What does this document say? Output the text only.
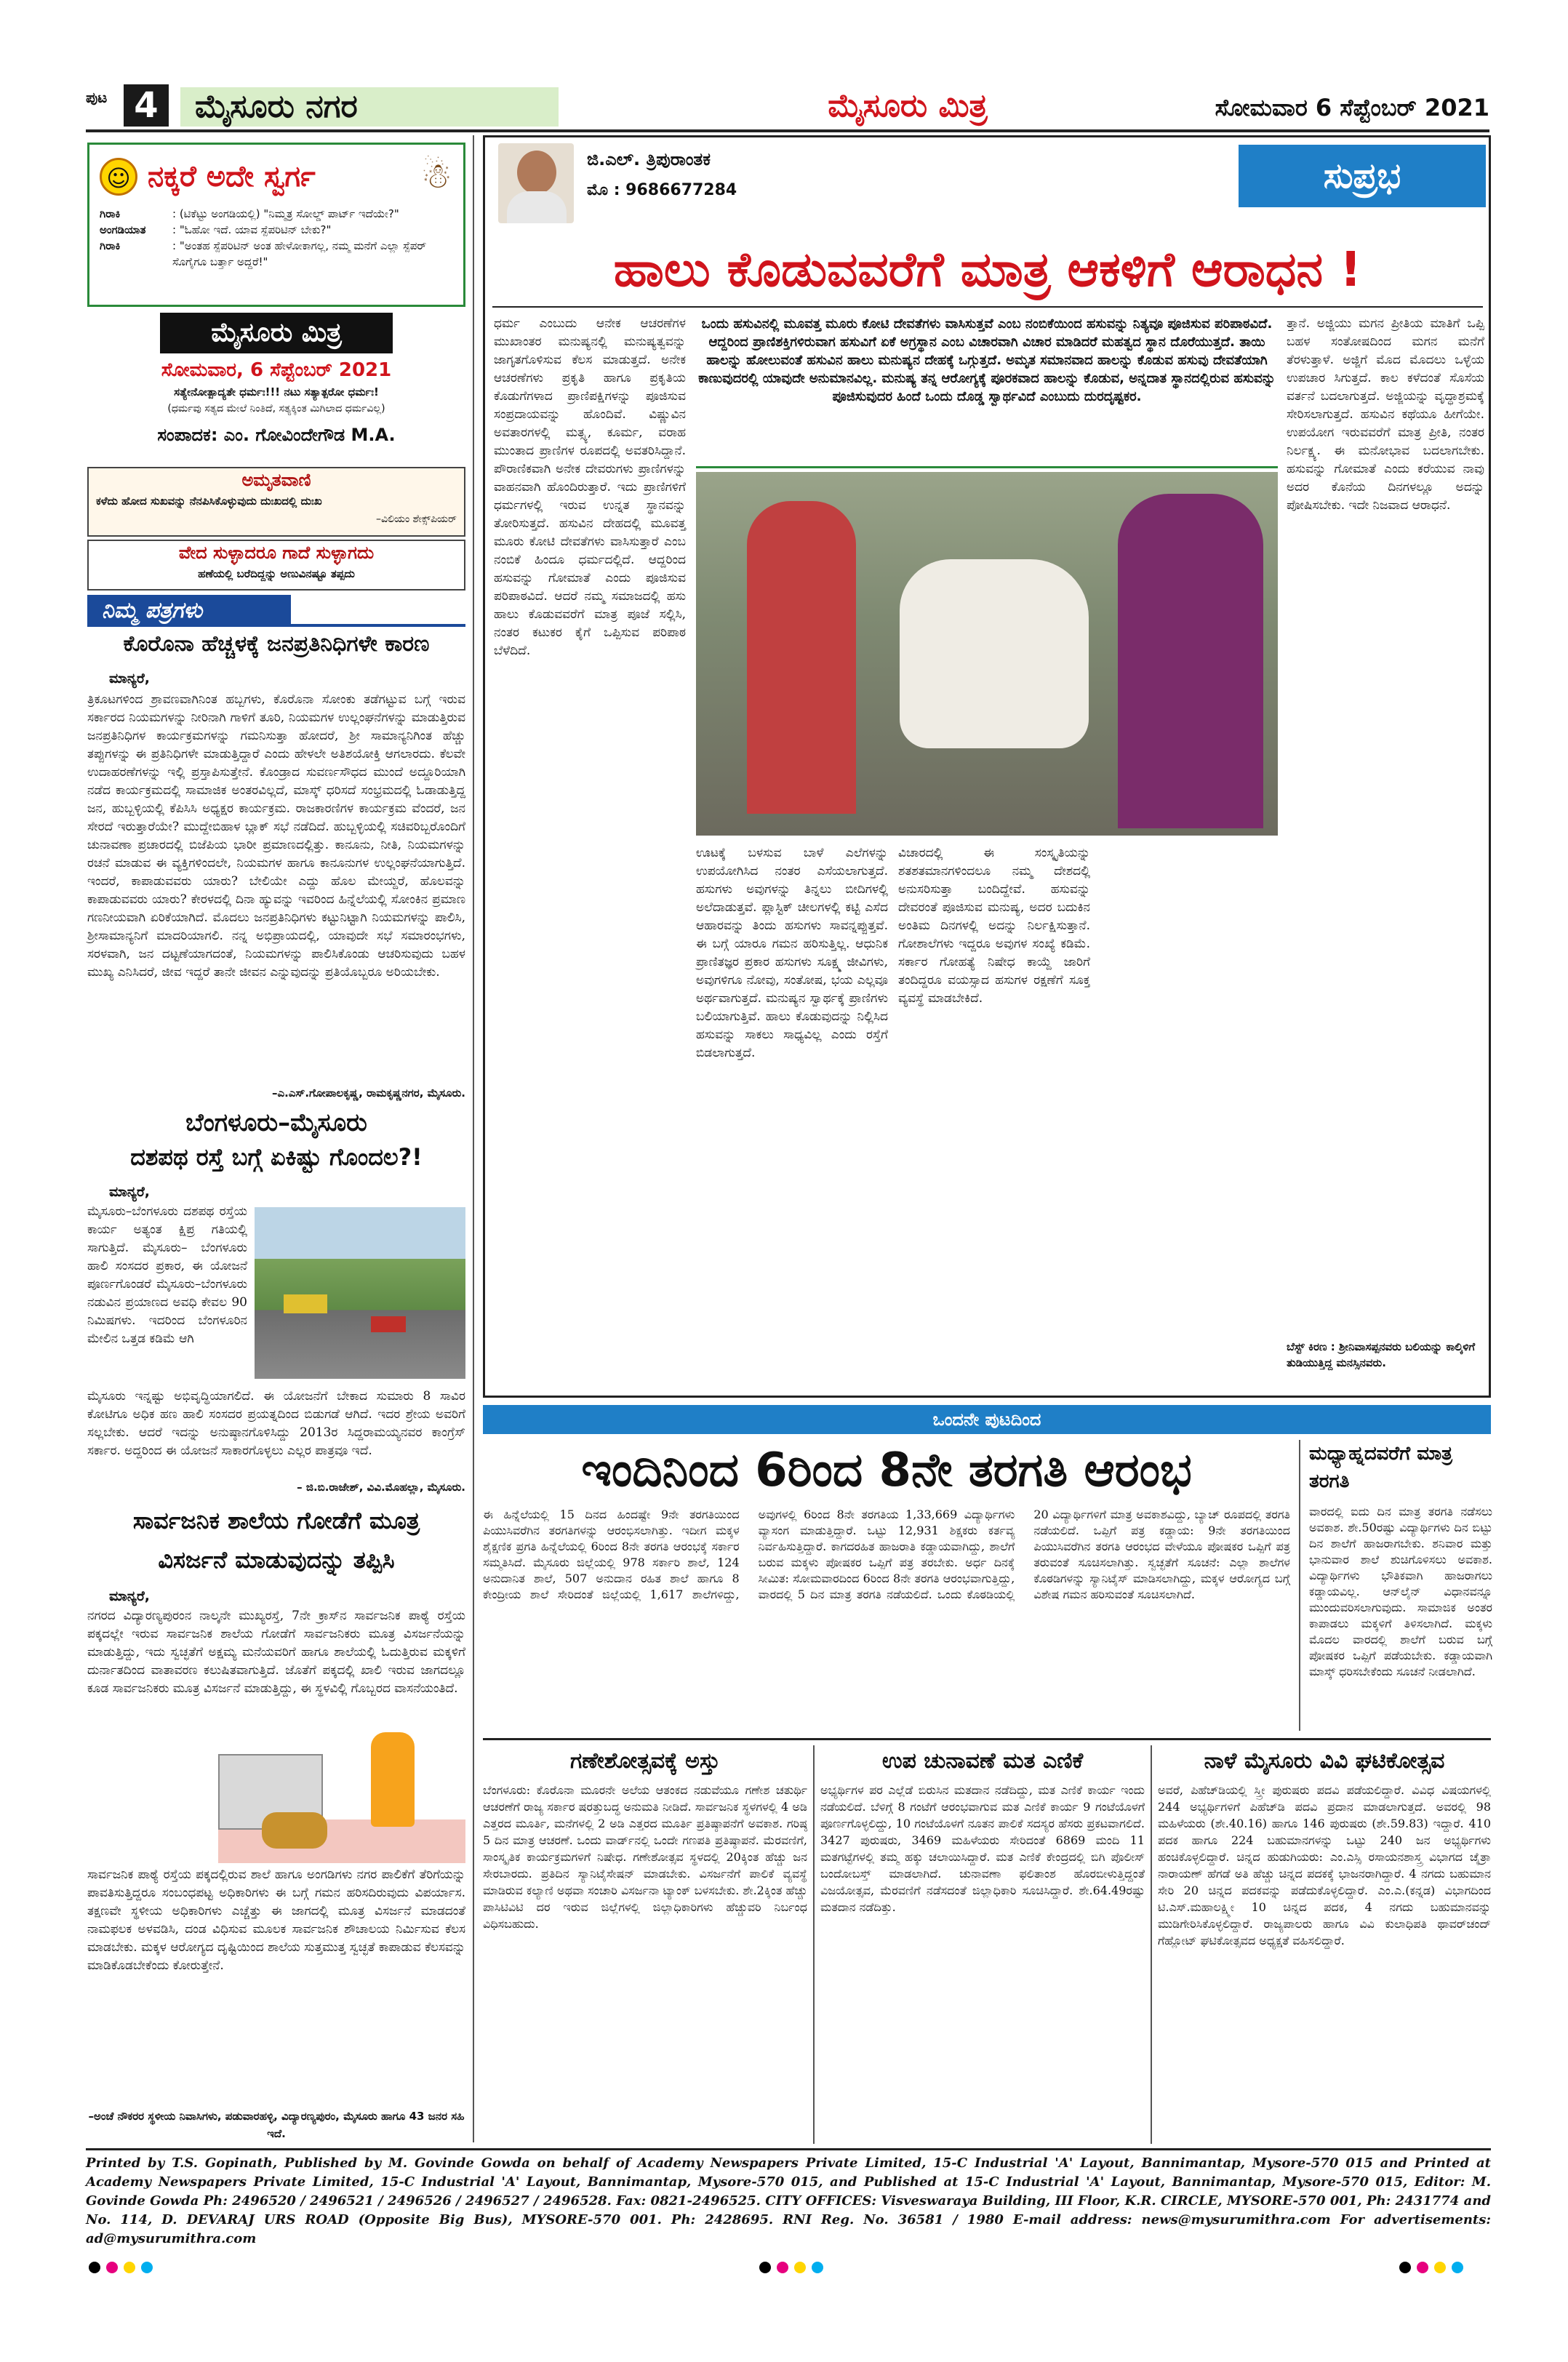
ಪುಟ 4	ಮೈಸೂರು ನಗರ	ಮೈಸೂರು ಮಿತ್ರ	ಸೋಮವಾರ 6 ಸೆಪ್ಟೆಂಬರ್ 2021
☺ ನಕ್ಕರೆ ಅದೇ ಸ್ವರ್ಗ	☃
ಗಿರಾಕಿ	: (ಟಿಕೆಟ್ಟು ಅಂಗಡಿಯಲ್ಲಿ) "ನಿಮ್ಮತ್ರ ಸೋಲ್ಡ್ ಪಾರ್ಟ್ ಇದೆಯೇ?"
ಅಂಗಡಿಯಾತ	: "ಓಹೋ ಇದೆ. ಯಾವ ಸ್ಪೆಪರಿಟಿನ್ ಬೇಕು?"
ಗಿರಾಕಿ	: "ಅಂತಹ ಸ್ಪೆಪರಿಟಿನ್ ಅಂತ ಹೇಳೋಕಾಗಲ್ಲ, ನಮ್ಮ ಮನೆಗೆ ಎಲ್ಲಾ ಸ್ಪೆಪರ್ ಸೊಗೈಗೂ ಬರ್ತ್ತಾ ಅದ್ದರೆ!"
ಮೈಸೂರು ಮಿತ್ರ
ಸೋಮವಾರ, 6 ಸೆಪ್ಟೆಂಬರ್ 2021
ಸತ್ಯೇನೋತ್ಪಾದ್ಯತೇ ಧರ್ಮಃ!!! ನಟು ಸತ್ಯಾತ್ಪರೋ ಧರ್ಮಃ!
(ಧರ್ಮವು ಸತ್ಯದ ಮೇಲೆ ನಿಂತಿದೆ, ಸತ್ಯಕ್ಕಿಂತ ಮಿಗಿಲಾದ ಧರ್ಮವಿಲ್ಲ)
ಸಂಪಾದಕ: ಎಂ. ಗೋವಿಂದೇಗೌಡ M.A.
ಅಮೃತವಾಣಿ
ಕಳೆದು ಹೋದ ಸುಖವನ್ನು ನೆನಪಿಸಿಕೊಳ್ಳುವುದು ದುಃಖದಲ್ಲಿ ದುಃಖ
–ವಿಲಿಯಂ ಶೇಕ್ಸ್‌ಪಿಯರ್
ವೇದ ಸುಳ್ಳಾದರೂ ಗಾದೆ ಸುಳ್ಳಾಗದು
ಹಣೆಯಲ್ಲಿ ಬರೆದಿದ್ದನ್ನು ಅಣುವಿನಷ್ಟೂ ತಪ್ಪದು
ನಿಮ್ಮ ಪತ್ರಗಳು
ಕೊರೊನಾ ಹೆಚ್ಚಳಕ್ಕೆ ಜನಪ್ರತಿನಿಧಿಗಳೇ ಕಾರಣ
ಮಾನ್ಯರೆ,
ತ್ರಿಕೂಟಗಳಿಂದ ಶ್ರಾವಣವಾಗಿನಿಂತ ಹಬ್ಬಗಳು, ಕೊರೊನಾ ಸೋಂಕು ತಡೆಗಟ್ಟುವ ಬಗ್ಗೆ ಇರುವ ಸರ್ಕಾರದ ನಿಯಮಗಳನ್ನು ನೀರಿನಾಗಿ ಗಾಳಿಗೆ ತೂರಿ, ನಿಯಮಗಳ ಉಲ್ಲಂಘನೆಗಳನ್ನು ಮಾಡುತ್ತಿರುವ ಜನಪ್ರತಿನಿಧಿಗಳ ಕಾರ್ಯಕ್ರಮಗಳನ್ನು ಗಮನಿಸುತ್ತಾ ಹೋದರೆ, ಶ್ರೀ ಸಾಮಾನ್ಯನಿಗಿಂತ ಹೆಚ್ಚು ತಪ್ಪುಗಳನ್ನು ಈ ಪ್ರತಿನಿಧಿಗಳೇ ಮಾಡುತ್ತಿದ್ದಾರೆ ಎಂದು ಹೇಳಲೇ ಅತಿಶಯೋಕ್ತಿ ಆಗಲಾರದು. ಕೆಲವೇ ಉದಾಹರಣೆಗಳನ್ನು ಇಲ್ಲಿ ಪ್ರಸ್ತಾಪಿಸುತ್ತೇನೆ. ಕೊಂಡ್ರಾದ ಸುವರ್ಣಸೌಧದ ಮುಂದೆ ಅದ್ದೂರಿಯಾಗಿ ನಡೆದ ಕಾರ್ಯಕ್ರಮದಲ್ಲಿ ಸಾಮಾಜಿಕ ಅಂತರವಿಲ್ಲದೆ, ಮಾಸ್ಕ್ ಧರಿಸದೆ ಸಂಭ್ರಮದಲ್ಲಿ ಓಡಾಡುತ್ತಿದ್ದ ಜನ, ಹುಬ್ಬಳ್ಳಿಯಲ್ಲಿ ಕೆಪಿಸಿಸಿ ಅಧ್ಯಕ್ಷರ ಕಾರ್ಯಕ್ರಮ. ರಾಜಕಾರಣಿಗಳ ಕಾರ್ಯಕ್ರಮ ವೆಂದರೆ, ಜನ ಸೇರದೆ ಇರುತ್ತಾರೆಯೇ? ಮುದ್ದೇಬಿಹಾಳ ಬ್ಲಾಕ್‌ ಸಭೆ ನಡೆದಿದೆ. ಹುಬ್ಬಳ್ಳಿಯಲ್ಲಿ ಸಚಿವರಿಬ್ಬರೊಂದಿಗೆ ಚುನಾವಣಾ ಪ್ರಚಾರದಲ್ಲಿ ಬಿಜೆಪಿಯ ಭಾರೀ ಪ್ರಮಾಣದಲ್ಲಿತ್ತು. ಕಾನೂನು, ನೀತಿ, ನಿಯಮಗಳನ್ನು ರಚನೆ ಮಾಡುವ ಈ ವ್ಯಕ್ತಿಗಳಿಂದಲೇ, ನಿಯಮಗಳ ಹಾಗೂ ಕಾನೂನುಗಳ ಉಲ್ಲಂಘನೆಯಾಗುತ್ತಿದೆ. ಇಂದರೆ, ಕಾಪಾಡುವವರು ಯಾರು? ಬೇಲಿಯೇ ಎದ್ದು ಹೊಲ ಮೇಯ್ದರೆ, ಹೊಲವನ್ನು ಕಾಪಾಡುವವರು ಯಾರು? ಕೇರಳದಲ್ಲಿ ದಿನಾ ಹ್ಯುವನ್ನು ಇವರಿಂದ ಹಿನ್ನೆಲೆಯಲ್ಲಿ ಸೋಂಕಿನ ಪ್ರಮಾಣ ಗಣನೀಯವಾಗಿ ಏರಿಕೆಯಾಗಿದೆ. ಮೊದಲು ಜನಪ್ರತಿನಿಧಿಗಳು ಕಟ್ಟುನಿಟ್ಟಾಗಿ ನಿಯಮಗಳನ್ನು ಪಾಲಿಸಿ, ಶ್ರೀಸಾಮಾನ್ಯನಿಗೆ ಮಾದರಿಯಾಗಲಿ. ನನ್ನ ಅಭಿಪ್ರಾಯದಲ್ಲಿ, ಯಾವುದೇ ಸಭೆ ಸಮಾರಂಭಗಳು, ಸರಳವಾಗಿ, ಜನ ದಟ್ಟಣೆಯಾಗದಂತೆ, ನಿಯಮಗಳನ್ನು ಪಾಲಿಸಿಕೊಂಡು ಆಚರಿಸುವುದು ಬಹಳ ಮುಖ್ಯ ಎನಿಸಿದರೆ, ಜೀವ ಇದ್ದರೆ ತಾನೇ ಜೀವನ ಎನ್ನುವುದನ್ನು ಪ್ರತಿಯೊಬ್ಬರೂ ಅರಿಯಬೇಕು.
–ಎ.ಎಸ್.ಗೋಪಾಲಕೃಷ್ಣ, ರಾಮಕೃಷ್ಣನಗರ, ಮೈಸೂರು.
ಬೆಂಗಳೂರು–ಮೈಸೂರು
ದಶಪಥ ರಸ್ತೆ ಬಗ್ಗೆ ಏಕಿಷ್ಟು ಗೊಂದಲ?!
ಮಾನ್ಯರೆ,
ಮೈಸೂರು–ಬೆಂಗಳೂರು ದಶಪಥ ರಸ್ತೆಯ ಕಾರ್ಯ ಅತ್ಯಂತ ಕ್ಷಿಪ್ರ ಗತಿಯಲ್ಲಿ ಸಾಗುತ್ತಿದೆ. ಮೈಸೂರು– ಬೆಂಗಳೂರು ಹಾಲಿ ಸಂಸದರ ಪ್ರಕಾರ, ಈ ಯೋಜನೆ ಪೂರ್ಣಗೊಂಡರೆ ಮೈಸೂರು–ಬೆಂಗಳೂರು ನಡುವಿನ ಪ್ರಯಾಣದ ಅವಧಿ ಕೇವಲ 90 ನಿಮಿಷಗಳು. ಇದರಿಂದ ಬೆಂಗಳೂರಿನ ಮೇಲಿನ ಒತ್ತಡ ಕಡಿಮೆ ಆಗಿ
ಮೈಸೂರು ಇನ್ನಷ್ಟು ಅಭಿವೃದ್ಧಿಯಾಗಲಿದೆ. ಈ ಯೋಜನೆಗೆ ಬೇಕಾದ ಸುಮಾರು 8 ಸಾವಿರ ಕೋಟಿಗೂ ಅಧಿಕ ಹಣ ಹಾಲಿ ಸಂಸದರ ಪ್ರಯತ್ನದಿಂದ ಬಿಡುಗಡೆ ಆಗಿದೆ. ಇದರ ಶ್ರೇಯ ಅವರಿಗೆ ಸಲ್ಲಬೇಕು. ಆದರೆ ಇದನ್ನು ಅನುಷ್ಠಾನಗೊಳಿಸಿದ್ದು 2013ರ ಸಿದ್ದರಾಮಯ್ಯನವರ ಕಾಂಗ್ರೆಸ್ ಸರ್ಕಾರ. ಅದ್ದರಿಂದ ಈ ಯೋಜನೆ ಸಾಕಾರಗೊಳ್ಳಲು ಎಲ್ಲರ ಪಾತ್ರವೂ ಇದೆ.
– ಜಿ.ಬಿ.ರಾಜೇಶ್, ವಿವಿ.ಮೊಹಲ್ಲಾ, ಮೈಸೂರು.
ಸಾರ್ವಜನಿಕ ಶಾಲೆಯ ಗೋಡೆಗೆ ಮೂತ್ರ
ವಿಸರ್ಜನೆ ಮಾಡುವುದನ್ನು ತಪ್ಪಿಸಿ
ಮಾನ್ಯರೆ,
ನಗರದ ವಿದ್ಯಾರಣ್ಯಪುರಂನ ನಾಲ್ಕನೇ ಮುಖ್ಯರಸ್ತೆ, 7ನೇ ಕ್ರಾಸ್‌ನ ಸಾರ್ವಜನಿಕ ಪಾಠ್ಯೆ ರಸ್ತೆಯ ಪಕ್ಕದಲ್ಲೇ ಇರುವ ಸಾರ್ವಜನಿಕ ಶಾಲೆಯ ಗೋಡೆಗೆ ಸಾರ್ವಜನಿಕರು ಮೂತ್ರ ವಿಸರ್ಜನೆಯನ್ನು ಮಾಡುತ್ತಿದ್ದು, ಇದು ಸ್ವಚ್ಛತೆಗೆ ಅಕ್ಷಮ್ಯ ಮನೆಯವರಿಗೆ ಹಾಗೂ ಶಾಲೆಯಲ್ಲಿ ಓದುತ್ತಿರುವ ಮಕ್ಕಳಿಗೆ ದುರ್ನಾತದಿಂದ ವಾತಾವರಣ ಕಲುಷಿತವಾಗುತ್ತಿದೆ. ಜೊತೆಗೆ ಪಕ್ಕದಲ್ಲಿ ಖಾಲಿ ಇರುವ ಜಾಗದಲ್ಲೂ ಕೂಡ ಸಾರ್ವಜನಿಕರು ಮೂತ್ರ ವಿಸರ್ಜನೆ ಮಾಡುತ್ತಿದ್ದು, ಈ ಸ್ಥಳವಿಲ್ಲಿ ಗೊಬ್ಬರದ ವಾಸನೆಯಂತಿದೆ.
ಸಾರ್ವಜನಿಕ ಪಾಠ್ಯೆ ರಸ್ತೆಯ ಪಕ್ಕದಲ್ಲಿರುವ ಶಾಲೆ ಹಾಗೂ ಅಂಗಡಿಗಳು ನಗರ ಪಾಲಿಕೆಗೆ ತೆರಿಗೆಯನ್ನು ಪಾವತಿಸುತ್ತಿದ್ದರೂ ಸಂಬಂಧಪಟ್ಟ ಅಧಿಕಾರಿಗಳು ಈ ಬಗ್ಗೆ ಗಮನ ಹರಿಸದಿರುವುದು ವಿಪರ್ಯಾಸ. ತಕ್ಷಣವೇ ಸ್ಥಳೀಯ ಅಧಿಕಾರಿಗಳು ಎಚ್ಚೆತ್ತು ಈ ಜಾಗದಲ್ಲಿ ಮೂತ್ರ ವಿಸರ್ಜನೆ ಮಾಡದಂತೆ ನಾಮಫಲಕ ಅಳವಡಿಸಿ, ದಂಡ ವಿಧಿಸುವ ಮೂಲಕ ಸಾರ್ವಜನಿಕ ಶೌಚಾಲಯ ನಿರ್ಮಿಸುವ ಕೆಲಸ ಮಾಡಬೇಕು. ಮಕ್ಕಳ ಆರೋಗ್ಯದ ದೃಷ್ಟಿಯಿಂದ ಶಾಲೆಯ ಸುತ್ತಮುತ್ತ ಸ್ವಚ್ಛತೆ ಕಾಪಾಡುವ ಕೆಲಸವನ್ನು ಮಾಡಿಕೊಡಬೇಕೆಂದು ಕೋರುತ್ತೇನೆ.
–ಅಂಚೆ ನೌಕರರ ಸ್ಥಳೀಯ ನಿವಾಸಿಗಳು, ಪಡುವಾರಹಳ್ಳಿ, ವಿದ್ಯಾರಣ್ಯಪುರಂ, ಮೈಸೂರು ಹಾಗೂ 43 ಜನರ ಸಹಿ ಇದೆ.
ಜಿ.ಎಲ್. ತ್ರಿಪುರಾಂತಕ
ಮೊ : 9686677284	ಸುಪ್ರಭ
ಹಾಲು ಕೊಡುವವರೆಗೆ ಮಾತ್ರ ಆಕಳಿಗೆ ಆರಾಧನ !
ಧರ್ಮ ಎಂಬುದು ಆನೇಕ ಆಚರಣೆಗಳ ಮುಖಾಂತರ ಮನುಷ್ಯನಲ್ಲಿ ಮನುಷ್ಯತ್ವವನ್ನು ಜಾಗೃತಗೊಳಿಸುವ ಕೆಲಸ ಮಾಡುತ್ತದೆ. ಅನೇಕ ಆಚರಣೆಗಳು ಪ್ರಕೃತಿ ಹಾಗೂ ಪ್ರಕೃತಿಯ ಕೊಡುಗೆಗಳಾದ ಪ್ರಾಣಿಪಕ್ಷಿಗಳನ್ನು ಪೂಜಿಸುವ ಸಂಪ್ರದಾಯವನ್ನು ಹೊಂದಿವೆ. ವಿಷ್ಣುವಿನ ಅವತಾರಗಳಲ್ಲಿ ಮತ್ಸ್ಯ, ಕೂರ್ಮ, ವರಾಹ ಮುಂತಾದ ಪ್ರಾಣಿಗಳ ರೂಪದಲ್ಲಿ ಅವತರಿಸಿದ್ದಾನೆ. ಪೌರಾಣಿಕವಾಗಿ ಅನೇಕ ದೇವರುಗಳು ಪ್ರಾಣಿಗಳನ್ನು ವಾಹನವಾಗಿ ಹೊಂದಿರುತ್ತಾರೆ. ಇದು ಪ್ರಾಣಿಗಳಿಗೆ ಧರ್ಮಗಳಲ್ಲಿ ಇರುವ ಉನ್ನತ ಸ್ಥಾನವನ್ನು ತೋರಿಸುತ್ತದೆ. ಹಸುವಿನ ದೇಹದಲ್ಲಿ ಮೂವತ್ತ ಮೂರು ಕೋಟಿ ದೇವತೆಗಳು ವಾಸಿಸುತ್ತಾರೆ ಎಂಬ ನಂಬಿಕೆ ಹಿಂದೂ ಧರ್ಮದಲ್ಲಿದೆ. ಆದ್ದರಿಂದ ಹಸುವನ್ನು ಗೋಮಾತೆ ಎಂದು ಪೂಜಿಸುವ ಪರಿಪಾಠವಿದೆ. ಆದರೆ ನಮ್ಮ ಸಮಾಜದಲ್ಲಿ ಹಸು ಹಾಲು ಕೊಡುವವರೆಗೆ ಮಾತ್ರ ಪೂಜೆ ಸಲ್ಲಿಸಿ, ನಂತರ ಕಟುಕರ ಕೈಗೆ ಒಪ್ಪಿಸುವ ಪರಿಪಾಠ ಬೆಳೆದಿದೆ.
ಒಂದು ಹಸುವಿನಲ್ಲಿ ಮೂವತ್ತ ಮೂರು ಕೋಟಿ ದೇವತೆಗಳು ವಾಸಿಸುತ್ತವೆ ಎಂಬ ನಂಬಿಕೆಯಿಂದ ಹಸುವನ್ನು ನಿತ್ಯವೂ ಪೂಜಿಸುವ ಪರಿಪಾಠವಿದೆ. ಆದ್ದರಿಂದ ಪ್ರಾಣಿಶಕ್ತಿಗಳಿರುವಾಗ ಹಸುವಿಗೆ ಏಕೆ ಅಗ್ರಸ್ಥಾನ ಎಂಬ ವಿಚಾರವಾಗಿ ವಿಚಾರ ಮಾಡಿದರೆ ಮಹತ್ವದ ಸ್ಥಾನ ದೊರೆಯುತ್ತದೆ. ತಾಯಿ ಹಾಲನ್ನು ಹೋಲುವಂತೆ ಹಸುವಿನ ಹಾಲು ಮನುಷ್ಯನ ದೇಹಕ್ಕೆ ಒಗ್ಗುತ್ತದೆ. ಅಮೃತ ಸಮಾನವಾದ ಹಾಲನ್ನು ಕೊಡುವ ಹಸುವು ದೇವತೆಯಾಗಿ ಕಾಣುವುದರಲ್ಲಿ ಯಾವುದೇ ಅನುಮಾನವಿಲ್ಲ. ಮನುಷ್ಯ ತನ್ನ ಆರೋಗ್ಯಕ್ಕೆ ಪೂರಕವಾದ ಹಾಲನ್ನು ಕೊಡುವ, ಅನ್ನದಾತ ಸ್ಥಾನದಲ್ಲಿರುವ ಹಸುವನ್ನು ಪೂಜಿಸುವುದರ ಹಿಂದೆ ಒಂದು ದೊಡ್ಡ ಸ್ವಾರ್ಥವಿದೆ ಎಂಬುದು ದುರದೃಷ್ಟಕರ.
ಊಟಕ್ಕೆ ಬಳಸುವ ಬಾಳೆ ಎಲೆಗಳನ್ನು ಉಪಯೋಗಿಸಿದ ನಂತರ ಎಸೆಯಲಾಗುತ್ತದೆ. ಹಸುಗಳು ಅವುಗಳನ್ನು ತಿನ್ನಲು ಬೀದಿಗಳಲ್ಲಿ ಅಲೆದಾಡುತ್ತವೆ. ಪ್ಲಾಸ್ಟಿಕ್ ಚೀಲಗಳಲ್ಲಿ ಕಟ್ಟಿ ಎಸೆದ ಆಹಾರವನ್ನು ತಿಂದು ಹಸುಗಳು ಸಾವನ್ನಪ್ಪುತ್ತವೆ. ಈ ಬಗ್ಗೆ ಯಾರೂ ಗಮನ ಹರಿಸುತ್ತಿಲ್ಲ. ಆಧುನಿಕ ಪ್ರಾಣಿತಜ್ಞರ ಪ್ರಕಾರ ಹಸುಗಳು ಸೂಕ್ಷ್ಮ ಜೀವಿಗಳು, ಅವುಗಳಿಗೂ ನೋವು, ಸಂತೋಷ, ಭಯ ಎಲ್ಲವೂ ಅರ್ಥವಾಗುತ್ತದೆ. ಮನುಷ್ಯನ ಸ್ವಾರ್ಥಕ್ಕೆ ಪ್ರಾಣಿಗಳು ಬಲಿಯಾಗುತ್ತಿವೆ. ಹಾಲು ಕೊಡುವುದನ್ನು ನಿಲ್ಲಿಸಿದ ಹಸುವನ್ನು ಸಾಕಲು ಸಾಧ್ಯವಿಲ್ಲ ಎಂದು ರಸ್ತೆಗೆ ಬಿಡಲಾಗುತ್ತದೆ.
ವಿಚಾರದಲ್ಲಿ ಈ ಸಂಸ್ಕೃತಿಯನ್ನು ಶತಶತಮಾನಗಳಿಂದಲೂ ನಮ್ಮ ದೇಶದಲ್ಲಿ ಅನುಸರಿಸುತ್ತಾ ಬಂದಿದ್ದೇವೆ. ಹಸುವನ್ನು ದೇವರಂತೆ ಪೂಜಿಸುವ ಮನುಷ್ಯ, ಅದರ ಬದುಕಿನ ಅಂತಿಮ ದಿನಗಳಲ್ಲಿ ಅದನ್ನು ನಿರ್ಲಕ್ಷಿಸುತ್ತಾನೆ. ಗೋಶಾಲೆಗಳು ಇದ್ದರೂ ಅವುಗಳ ಸಂಖ್ಯೆ ಕಡಿಮೆ. ಸರ್ಕಾರ ಗೋಹತ್ಯೆ ನಿಷೇಧ ಕಾಯ್ದೆ ಜಾರಿಗೆ ತಂದಿದ್ದರೂ ವಯಸ್ಸಾದ ಹಸುಗಳ ರಕ್ಷಣೆಗೆ ಸೂಕ್ತ ವ್ಯವಸ್ಥೆ ಮಾಡಬೇಕಿದೆ.
ತ್ತಾನೆ. ಅಜ್ಜಿಯು ಮಗನ ಪ್ರೀತಿಯ ಮಾತಿಗೆ ಒಪ್ಪಿ ಬಹಳ ಸಂತೋಷದಿಂದ ಮಗನ ಮನೆಗೆ ತೆರಳುತ್ತಾಳೆ. ಅಜ್ಜಿಗೆ ಮೊದ ಮೊದಲು ಒಳ್ಳೆಯ ಉಪಚಾರ ಸಿಗುತ್ತದೆ. ಕಾಲ ಕಳೆದಂತೆ ಸೊಸೆಯ ವರ್ತನೆ ಬದಲಾಗುತ್ತದೆ. ಅಜ್ಜಿಯನ್ನು ವೃದ್ಧಾಶ್ರಮಕ್ಕೆ ಸೇರಿಸಲಾಗುತ್ತದೆ. ಹಸುವಿನ ಕಥೆಯೂ ಹೀಗೆಯೇ. ಉಪಯೋಗ ಇರುವವರೆಗೆ ಮಾತ್ರ ಪ್ರೀತಿ, ನಂತರ ನಿರ್ಲಕ್ಷ್ಯ. ಈ ಮನೋಭಾವ ಬದಲಾಗಬೇಕು. ಹಸುವನ್ನು ಗೋಮಾತೆ ಎಂದು ಕರೆಯುವ ನಾವು ಅದರ ಕೊನೆಯ ದಿನಗಳಲ್ಲೂ ಅದನ್ನು ಪೋಷಿಸಬೇಕು. ಇದೇ ನಿಜವಾದ ಆರಾಧನೆ.
ಬೆಸ್ಟ್ ಕಿರಣ : ಶ್ರೀನಿವಾಸಪ್ಪನವರು ಬಲಿಯನ್ನು ಕಾಲ್ಕಿಳಿಗೆ ತುಡಿಯುತ್ತಿದ್ದ ಮನಸ್ಸಿನವರು.
ಒಂದನೇ ಪುಟದಿಂದ
ಇಂದಿನಿಂದ 6ರಿಂದ 8ನೇ ತರಗತಿ ಆರಂಭ
ಈ ಹಿನ್ನೆಲೆಯಲ್ಲಿ 15 ದಿನದ ಹಿಂದಷ್ಟೇ 9ನೇ ತರಗತಿಯಿಂದ ಪಿಯುಸಿವರೆಗಿನ ತರಗತಿಗಳನ್ನು ಆರಂಭಿಸಲಾಗಿತ್ತು. ಇದೀಗ ಮಕ್ಕಳ ಶೈಕ್ಷಣಿಕ ಪ್ರಗತಿ ಹಿನ್ನೆಲೆಯಲ್ಲಿ 6ರಿಂದ 8ನೇ ತರಗತಿ ಆರಂಭಕ್ಕೆ ಸರ್ಕಾರ ಸಮ್ಮತಿಸಿದೆ. ಮೈಸೂರು ಜಿಲ್ಲೆಯಲ್ಲಿ 978 ಸರ್ಕಾರಿ ಶಾಲೆ, 124 ಅನುದಾನಿತ ಶಾಲೆ, 507 ಅನುದಾನ ರಹಿತ ಶಾಲೆ ಹಾಗೂ 8 ಕೇಂದ್ರೀಯ ಶಾಲೆ ಸೇರಿದಂತೆ ಜಿಲ್ಲೆಯಲ್ಲಿ 1,617 ಶಾಲೆಗಳಿದ್ದು, ಅವುಗಳಲ್ಲಿ 6ರಿಂದ 8ನೇ ತರಗತಿಯ 1,33,669 ವಿದ್ಯಾರ್ಥಿಗಳು ವ್ಯಾಸಂಗ ಮಾಡುತ್ತಿದ್ದಾರೆ. ಒಟ್ಟು 12,931 ಶಿಕ್ಷಕರು ಕರ್ತವ್ಯ ನಿರ್ವಹಿಸುತ್ತಿದ್ದಾರೆ. ಕಾಗದರಹಿತ ಹಾಜರಾತಿ ಕಡ್ಡಾಯವಾಗಿದ್ದು, ಶಾಲೆಗೆ ಬರುವ ಮಕ್ಕಳು ಪೋಷಕರ ಒಪ್ಪಿಗೆ ಪತ್ರ ತರಬೇಕು. ಅರ್ಧ ದಿನಕ್ಕೆ ಸೀಮಿತ: ಸೋಮವಾರದಿಂದ 6ರಿಂದ 8ನೇ ತರಗತಿ ಆರಂಭವಾಗುತ್ತಿದ್ದು, ವಾರದಲ್ಲಿ 5 ದಿನ ಮಾತ್ರ ತರಗತಿ ನಡೆಯಲಿದೆ. ಒಂದು ಕೊಠಡಿಯಲ್ಲಿ 20 ವಿದ್ಯಾರ್ಥಿಗಳಿಗೆ ಮಾತ್ರ ಅವಕಾಶವಿದ್ದು, ಬ್ಯಾಚ್ ರೂಪದಲ್ಲಿ ತರಗತಿ ನಡೆಯಲಿದೆ. ಒಪ್ಪಿಗೆ ಪತ್ರ ಕಡ್ಡಾಯ: 9ನೇ ತರಗತಿಯಿಂದ ಪಿಯುಸಿವರೆಗಿನ ತರಗತಿ ಆರಂಭದ ವೇಳೆಯೂ ಪೋಷಕರ ಒಪ್ಪಿಗೆ ಪತ್ರ ತರುವಂತೆ ಸೂಚಿಸಲಾಗಿತ್ತು. ಸ್ವಚ್ಛತೆಗೆ ಸೂಚನೆ: ಎಲ್ಲಾ ಶಾಲೆಗಳ ಕೊಠಡಿಗಳನ್ನು ಸ್ಯಾನಿಟೈಸ್ ಮಾಡಿಸಲಾಗಿದ್ದು, ಮಕ್ಕಳ ಆರೋಗ್ಯದ ಬಗ್ಗೆ ವಿಶೇಷ ಗಮನ ಹರಿಸುವಂತೆ ಸೂಚಿಸಲಾಗಿದೆ.
ಮಧ್ಯಾಹ್ನದವರೆಗೆ ಮಾತ್ರ ತರಗತಿ
ವಾರದಲ್ಲಿ ಐದು ದಿನ ಮಾತ್ರ ತರಗತಿ ನಡೆಸಲು ಅವಕಾಶ. ಶೇ.50ರಷ್ಟು ವಿದ್ಯಾರ್ಥಿಗಳು ದಿನ ಬಿಟ್ಟು ದಿನ ಶಾಲೆಗೆ ಹಾಜರಾಗಬೇಕು. ಶನಿವಾರ ಮತ್ತು ಭಾನುವಾರ ಶಾಲೆ ಶುಚಿಗೊಳಿಸಲು ಅವಕಾಶ. ವಿದ್ಯಾರ್ಥಿಗಳು ಭೌತಿಕವಾಗಿ ಹಾಜರಾಗಲು ಕಡ್ಡಾಯವಿಲ್ಲ. ಆನ್‌ಲೈನ್ ವಿಧಾನವನ್ನೂ ಮುಂದುವರಿಸಲಾಗುವುದು. ಸಾಮಾಜಿಕ ಅಂತರ ಕಾಪಾಡಲು ಮಕ್ಕಳಿಗೆ ತಿಳಿಸಲಾಗಿದೆ. ಮಕ್ಕಳು ಮೊದಲ ವಾರದಲ್ಲಿ ಶಾಲೆಗೆ ಬರುವ ಬಗ್ಗೆ ಪೋಷಕರ ಒಪ್ಪಿಗೆ ಪಡೆಯಬೇಕು. ಕಡ್ಡಾಯವಾಗಿ ಮಾಸ್ಕ್ ಧರಿಸಬೇಕೆಂದು ಸೂಚನೆ ನೀಡಲಾಗಿದೆ.
ಗಣೇಶೋತ್ಸವಕ್ಕೆ ಅಸ್ತು
ಬೆಂಗಳೂರು: ಕೊರೊನಾ ಮೂರನೇ ಅಲೆಯ ಆತಂಕದ ನಡುವೆಯೂ ಗಣೇಶ ಚತುರ್ಥಿ ಆಚರಣೆಗೆ ರಾಜ್ಯ ಸರ್ಕಾರ ಷರತ್ತುಬದ್ಧ ಅನುಮತಿ ನೀಡಿದೆ. ಸಾರ್ವಜನಿಕ ಸ್ಥಳಗಳಲ್ಲಿ 4 ಅಡಿ ಎತ್ತರದ ಮೂರ್ತಿ, ಮನೆಗಳಲ್ಲಿ 2 ಅಡಿ ಎತ್ತರದ ಮೂರ್ತಿ ಪ್ರತಿಷ್ಠಾಪನೆಗೆ ಅವಕಾಶ. ಗರಿಷ್ಠ 5 ದಿನ ಮಾತ್ರ ಆಚರಣೆ. ಒಂದು ವಾರ್ಡ್‌ನಲ್ಲಿ ಒಂದೇ ಗಣಪತಿ ಪ್ರತಿಷ್ಠಾಪನೆ. ಮೆರವಣಿಗೆ, ಸಾಂಸ್ಕೃತಿಕ ಕಾರ್ಯಕ್ರಮಗಳಿಗೆ ನಿಷೇಧ. ಗಣೇಶೋತ್ಸವ ಸ್ಥಳದಲ್ಲಿ 20ಕ್ಕಿಂತ ಹೆಚ್ಚು ಜನ ಸೇರಬಾರದು. ಪ್ರತಿದಿನ ಸ್ಯಾನಿಟೈಸೇಷನ್ ಮಾಡಬೇಕು. ವಿಸರ್ಜನೆಗೆ ಪಾಲಿಕೆ ವ್ಯವಸ್ಥೆ ಮಾಡಿರುವ ಕಲ್ಯಾಣಿ ಅಥವಾ ಸಂಚಾರಿ ವಿಸರ್ಜನಾ ಟ್ಯಾಂಕ್ ಬಳಸಬೇಕು. ಶೇ.2ಕ್ಕಿಂತ ಹೆಚ್ಚು ಪಾಸಿಟಿವಿಟಿ ದರ ಇರುವ ಜಿಲ್ಲೆಗಳಲ್ಲಿ ಜಿಲ್ಲಾಧಿಕಾರಿಗಳು ಹೆಚ್ಚುವರಿ ನಿರ್ಬಂಧ ವಿಧಿಸಬಹುದು.
ಉಪ ಚುನಾವಣೆ ಮತ ಎಣಿಕೆ
ಅಭ್ಯರ್ಥಿಗಳ ಪರ ಎಲ್ಲೆಡೆ ಬಿರುಸಿನ ಮತದಾನ ನಡೆದಿದ್ದು, ಮತ ಎಣಿಕೆ ಕಾರ್ಯ ಇಂದು ನಡೆಯಲಿದೆ. ಬೆಳಿಗ್ಗೆ 8 ಗಂಟೆಗೆ ಆರಂಭವಾಗುವ ಮತ ಎಣಿಕೆ ಕಾರ್ಯ 9 ಗಂಟೆಯೊಳಗೆ ಪೂರ್ಣಗೊಳ್ಳಲಿದ್ದು, 10 ಗಂಟೆಯೊಳಗೆ ನೂತನ ಪಾಲಿಕೆ ಸದಸ್ಯರ ಹೆಸರು ಪ್ರಕಟವಾಗಲಿದೆ. 3427 ಪುರುಷರು, 3469 ಮಹಿಳೆಯರು ಸೇರಿದಂತೆ 6869 ಮಂದಿ 11 ಮತಗಟ್ಟೆಗಳಲ್ಲಿ ತಮ್ಮ ಹಕ್ಕು ಚಲಾಯಿಸಿದ್ದಾರೆ. ಮತ ಎಣಿಕೆ ಕೇಂದ್ರದಲ್ಲಿ ಬಿಗಿ ಪೊಲೀಸ್ ಬಂದೋಬಸ್ತ್ ಮಾಡಲಾಗಿದೆ. ಚುನಾವಣಾ ಫಲಿತಾಂಶ ಹೊರಬೀಳುತ್ತಿದ್ದಂತೆ ವಿಜಯೋತ್ಸವ, ಮೆರವಣಿಗೆ ನಡೆಸದಂತೆ ಜಿಲ್ಲಾಧಿಕಾರಿ ಸೂಚಿಸಿದ್ದಾರೆ. ಶೇ.64.49ರಷ್ಟು ಮತದಾನ ನಡೆದಿತ್ತು.
ನಾಳೆ ಮೈಸೂರು ವಿವಿ ಘಟಿಕೋತ್ಸವ
ಅವರೆ, ಪಿಹೆಚ್‌ಡಿಯಲ್ಲಿ ಸ್ತ್ರೀ ಪುರುಷರು ಪದವಿ ಪಡೆಯಲಿದ್ದಾರೆ. ವಿವಿಧ ವಿಷಯಗಳಲ್ಲಿ 244 ಅಭ್ಯರ್ಥಿಗಳಿಗೆ ಪಿಹೆಚ್‌ಡಿ ಪದವಿ ಪ್ರದಾನ ಮಾಡಲಾಗುತ್ತದೆ. ಅವರಲ್ಲಿ 98 ಮಹಿಳೆಯರು (ಶೇ.40.16) ಹಾಗೂ 146 ಪುರುಷರು (ಶೇ.59.83) ಇದ್ದಾರೆ. 410 ಪದಕ ಹಾಗೂ 224 ಬಹುಮಾನಗಳನ್ನು ಒಟ್ಟು 240 ಜನ ಅಭ್ಯರ್ಥಿಗಳು ಹಂಚಿಕೊಳ್ಳಲಿದ್ದಾರೆ. ಚಿನ್ನದ ಹುಡುಗಿಯರು: ಎಂ.ಎಸ್ಸಿ ರಸಾಯನಶಾಸ್ತ್ರ ವಿಭಾಗದ ಚೈತ್ರಾ ನಾರಾಯಣ್ ಹೆಗಡೆ ಅತಿ ಹೆಚ್ಚು ಚಿನ್ನದ ಪದಕಕ್ಕೆ ಭಾಜನರಾಗಿದ್ದಾರೆ. 4 ನಗದು ಬಹುಮಾನ ಸೇರಿ 20 ಚಿನ್ನದ ಪದಕವನ್ನು ಪಡೆದುಕೊಳ್ಳಲಿದ್ದಾರೆ. ಎಂ.ಎ.(ಕನ್ನಡ) ವಿಭಾಗದಿಂದ ಟಿ.ಎಸ್.ಮಹಾಲಕ್ಷ್ಮೀ 10 ಚಿನ್ನದ ಪದಕ, 4 ನಗದು ಬಹುಮಾನವನ್ನು ಮುಡಿಗೇರಿಸಿಕೊಳ್ಳಲಿದ್ದಾರೆ. ರಾಜ್ಯಪಾಲರು ಹಾಗೂ ವಿವಿ ಕುಲಾಧಿಪತಿ ಥಾವರ್‌ಚಂದ್ ಗೆಹ್ಲೋಟ್ ಘಟಿಕೋತ್ಸವದ ಅಧ್ಯಕ್ಷತೆ ವಹಿಸಲಿದ್ದಾರೆ.
Printed by T.S. Gopinath, Published by M. Govinde Gowda on behalf of Academy Newspapers Private Limited, 15-C Industrial 'A' Layout, Bannimantap, Mysore-570 015 and Printed at Academy Newspapers Private Limited, 15-C Industrial 'A' Layout, Bannimantap, Mysore-570 015, and Published at 15-C Industrial 'A' Layout, Bannimantap, Mysore-570 015, Editor: M. Govinde Gowda Ph: 2496520 / 2496521 / 2496526 / 2496527 / 2496528. Fax: 0821-2496525. CITY OFFICES: Visveswaraya Building, III Floor, K.R. CIRCLE, MYSORE-570 001, Ph: 2431774 and No. 114, D. DEVARAJ URS ROAD (Opposite Big Bus), MYSORE-570 001. Ph: 2428695. RNI Reg. No. 36581 / 1980 E-mail address: news@mysurumithra.com For advertisements: ad@mysurumithra.com
